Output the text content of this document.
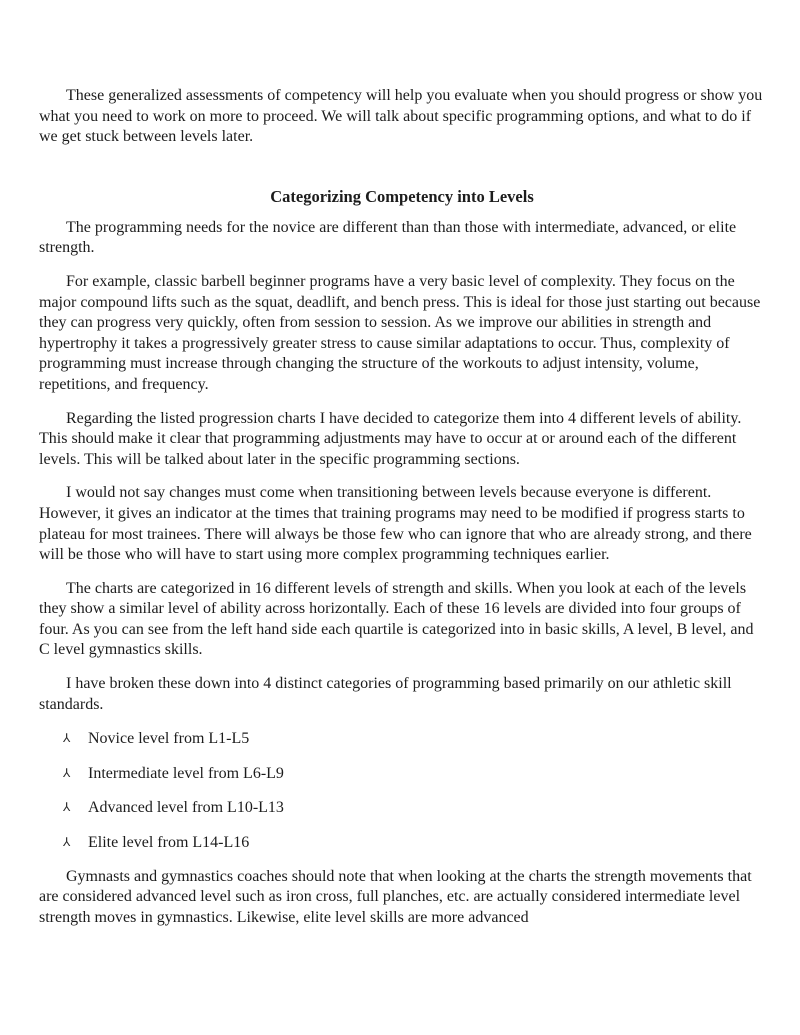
These generalized assessments of competency will help you evaluate when you should progress or show you what you need to work on more to proceed. We will talk about specific programming options, and what to do if we get stuck between levels later.

Categorizing Competency into Levels

The programming needs for the novice are different than than those with intermediate, advanced, or elite strength.

For example, classic barbell beginner programs have a very basic level of complexity. They focus on the major compound lifts such as the squat, deadlift, and bench press. This is ideal for those just starting out because they can progress very quickly, often from session to session. As we improve our abilities in strength and hypertrophy it takes a progressively greater stress to cause similar adaptations to occur. Thus, complexity of programming must increase through changing the structure of the workouts to adjust intensity, volume, repetitions, and frequency.

Regarding the listed progression charts I have decided to categorize them into 4 different levels of ability. This should make it clear that programming adjustments may have to occur at or around each of the different levels. This will be talked about later in the specific programming sections.

I would not say changes must come when transitioning between levels because everyone is different. However, it gives an indicator at the times that training programs may need to be modified if progress starts to plateau for most trainees. There will always be those few who can ignore that who are already strong, and there will be those who will have to start using more complex programming techniques earlier.

The charts are categorized in 16 different levels of strength and skills. When you look at each of the levels they show a similar level of ability across horizontally. Each of these 16 levels are divided into four groups of four. As you can see from the left hand side each quartile is categorized into in basic skills, A level, B level, and C level gymnastics skills.

I have broken these down into 4 distinct categories of programming based primarily on our athletic skill standards.

⅄ Novice level from L1-L5
⅄ Intermediate level from L6-L9
⅄ Advanced level from L10-L13
⅄ Elite level from L14-L16

Gymnasts and gymnastics coaches should note that when looking at the charts the strength movements that are considered advanced level such as iron cross, full planches, etc. are actually considered intermediate level strength moves in gymnastics. Likewise, elite level skills are more advanced
